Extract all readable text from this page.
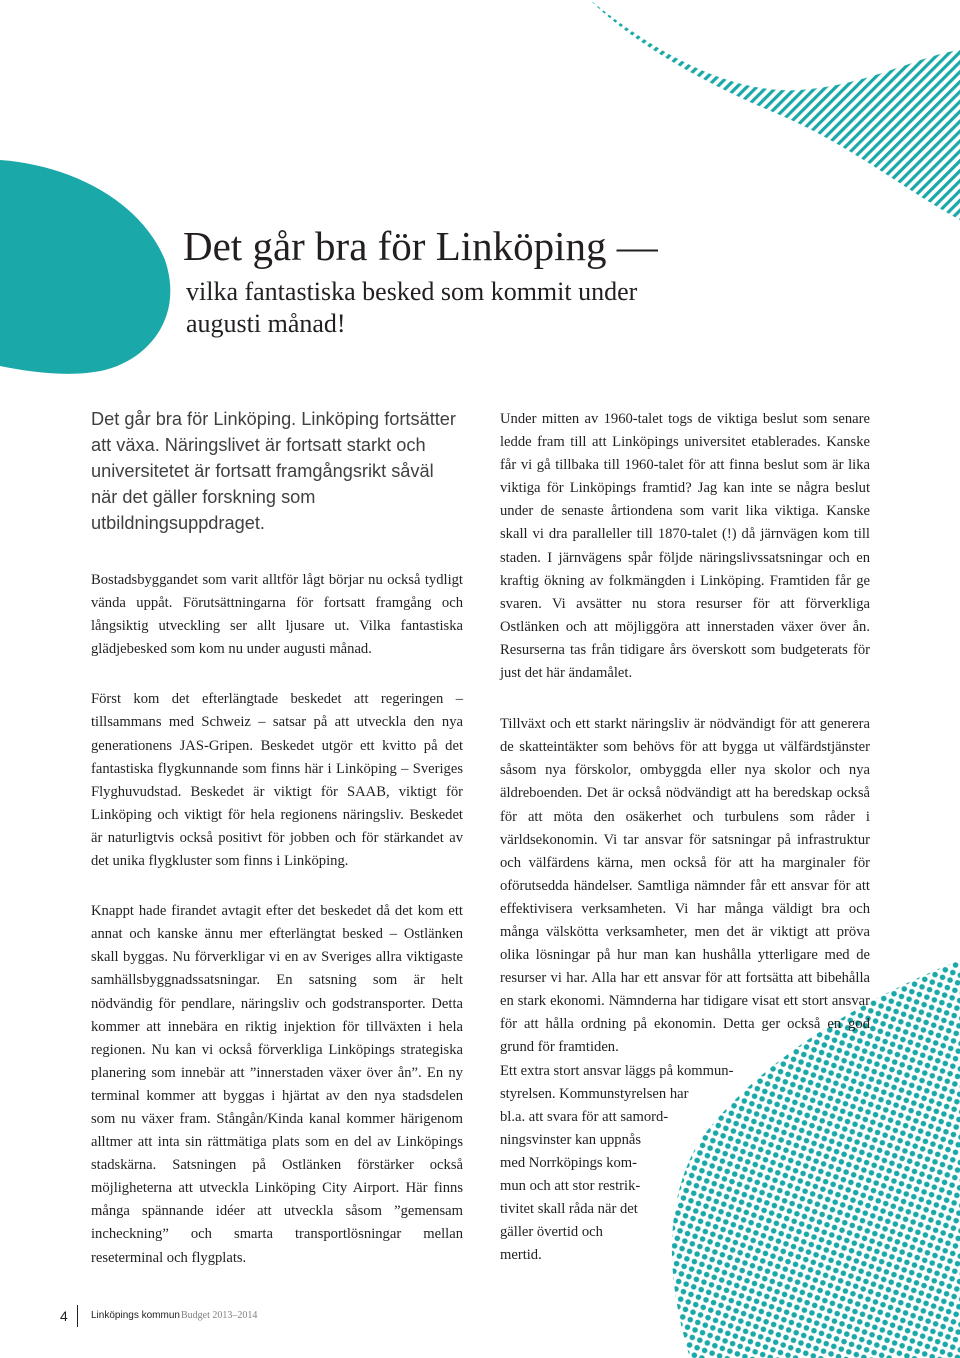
Det går bra för Linköping —
vilka fantastiska besked som kommit under augusti månad!

Det går bra för Linköping. Linköping fortsätter att växa. Näringslivet är fortsatt starkt och universitetet är fortsatt framgångsrikt såväl när det gäller forskning som utbildningsuppdraget.

Bostadsbyggandet som varit alltför lågt börjar nu också tydligt vända uppåt. Förutsättningarna för fortsatt framgång och långsiktig utveckling ser allt ljusare ut. Vilka fantastiska glädjebesked som kom nu under augusti månad.

Först kom det efterlängtade beskedet att regeringen – tillsammans med Schweiz – satsar på att utveckla den nya generationens JAS-Gripen. Beskedet utgör ett kvitto på det fantastiska flygkunnande som finns här i Linköping – Sveriges Flyghuvudstad. Beskedet är viktigt för SAAB, viktigt för Linköping och viktigt för hela regionens näringsliv. Beskedet är naturligtvis också positivt för jobben och för stärkandet av det unika flygkluster som finns i Linköping.

Knappt hade firandet avtagit efter det beskedet då det kom ett annat och kanske ännu mer efterlängtat besked – Ostlänken skall byggas. Nu förverkligar vi en av Sveriges allra viktigaste samhällsbyggnadssatsningar. En satsning som är helt nödvändig för pendlare, näringsliv och godstransporter. Detta kommer att innebära en riktig injektion för tillväxten i hela regionen. Nu kan vi också förverkliga Linköpings strategiska planering som innebär att ”innerstaden växer över ån”. En ny terminal kommer att byggas i hjärtat av den nya stadsdelen som nu växer fram. Stångån/Kinda kanal kommer härigenom alltmer att inta sin rättmätiga plats som en del av Linköpings stadskärna. Satsningen på Ostlänken förstärker också möjligheterna att utveckla Linköping City Airport. Här finns många spännande idéer att utveckla såsom ”gemensam incheckning” och smarta transportlösningar mellan reseterminal och flygplats.

Under mitten av 1960-talet togs de viktiga beslut som senare ledde fram till att Linköpings universitet etablerades. Kanske får vi gå tillbaka till 1960-talet för att finna beslut som är lika viktiga för Linköpings framtid? Jag kan inte se några beslut under de senaste årtiondena som varit lika viktiga. Kanske skall vi dra paralleller till 1870-talet (!) då järnvägen kom till staden. I järnvägens spår följde näringslivssatsningar och en kraftig ökning av folkmängden i Linköping. Framtiden får ge svaren. Vi avsätter nu stora resurser för att förverkliga Ostlänken och att möjliggöra att innerstaden växer över ån. Resurserna tas från tidigare års överskott som budgeterats för just det här ändamålet.

Tillväxt och ett starkt näringsliv är nödvändigt för att generera de skatteintäkter som behövs för att bygga ut välfärdstjänster såsom nya förskolor, ombyggda eller nya skolor och nya äldreboenden. Det är också nödvändigt att ha beredskap också för att möta den osäkerhet och turbulens som råder i världsekonomin. Vi tar ansvar för satsningar på infrastruktur och välfärdens kärna, men också för att ha marginaler för oförutsedda händelser. Samtliga nämnder får ett ansvar för att effektivisera verksamheten. Vi har många väldigt bra och många välskötta verksamheter, men det är viktigt att pröva olika lösningar på hur man kan hushålla ytterligare med de resurser vi har. Alla har ett ansvar för att fortsätta att bibehålla en stark ekonomi. Nämnderna har tidigare visat ett stort ansvar för att hålla ordning på ekonomin. Detta ger också en god grund för framtiden.

Ett extra stort ansvar läggs på kommun-
styrelsen. Kommunstyrelsen har
bl.a. att svara för att samord-
ningsvinster kan uppnås
med Norrköpings kom-
mun och att stor restrik-
tivitet skall råda när det
gäller övertid och
mertid.
4 Linköpings kommun Budget 2013–2014
